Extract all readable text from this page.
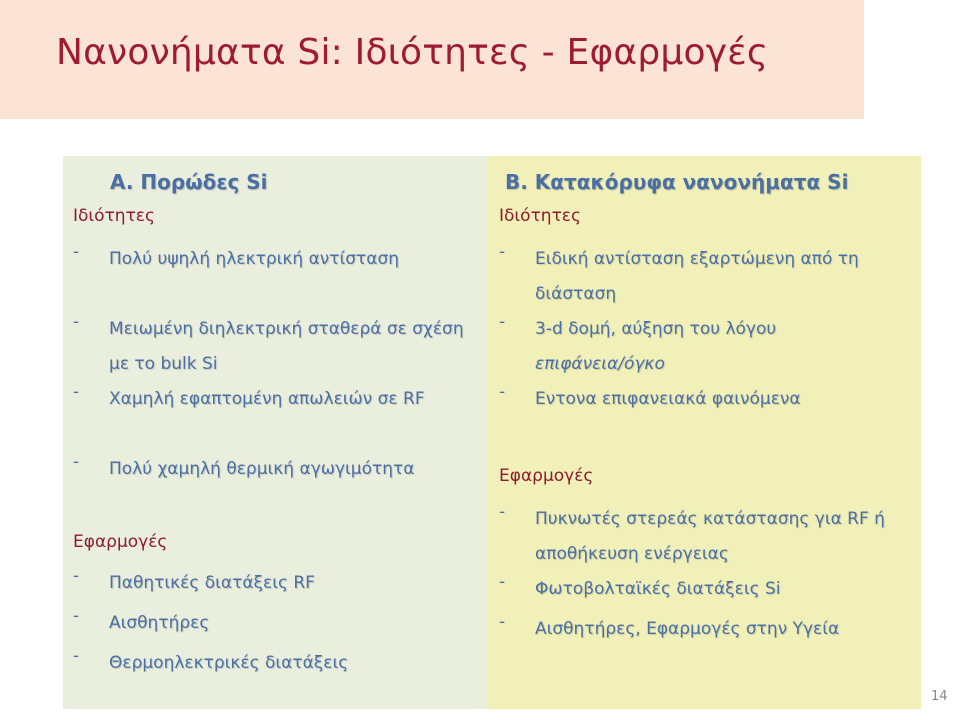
Νανονήματα Si: Ιδιότητες - Εφαρμογές
A. Πορώδες Si
Ιδιότητες
- Πολύ υψηλή ηλεκτρική αντίσταση
- Μειωμένη διηλεκτρική σταθερά σε σχέση με το bulk Si
- Χαμηλή εφαπτομένη απωλειών σε RF
- Πολύ χαμηλή θερμική αγωγιμότητα
Εφαρμογές
- Παθητικές διατάξεις RF
- Αισθητήρες
- Θερμοηλεκτρικές διατάξεις
B. Κατακόρυφα νανονήματα Si
Ιδιότητες
- Ειδική αντίσταση εξαρτώμενη από τη διάσταση
- 3-d δομή, αύξηση του λόγου
επιφάνεια/όγκο
- Εντονα επιφανειακά φαινόμενα
Εφαρμογές
- Πυκνωτές στερεάς κατάστασης για RF ή αποθήκευση ενέργειας
- Φωτοβολταϊκές διατάξεις Si
- Αισθητήρες, Εφαρμογές στην Υγεία
14
